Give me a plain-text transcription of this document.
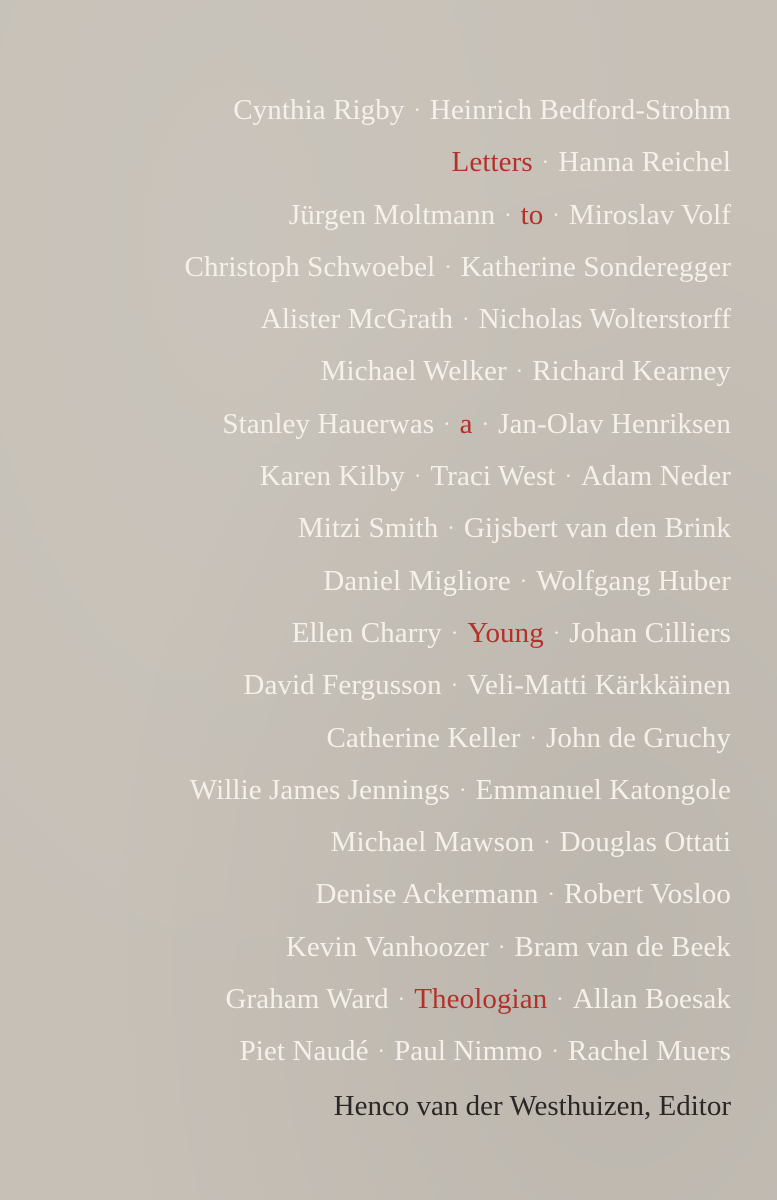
Cynthia Rigby · Heinrich Bedford-Strohm
Letters · Hanna Reichel
Jürgen Moltmann · to · Miroslav Volf
Christoph Schwoebel · Katherine Sonderegger
Alister McGrath · Nicholas Wolterstorff
Michael Welker · Richard Kearney
Stanley Hauerwas · a · Jan-Olav Henriksen
Karen Kilby · Traci West · Adam Neder
Mitzi Smith · Gijsbert van den Brink
Daniel Migliore · Wolfgang Huber
Ellen Charry · Young · Johan Cilliers
David Fergusson · Veli-Matti Kärkkäinen
Catherine Keller · John de Gruchy
Willie James Jennings · Emmanuel Katongole
Michael Mawson · Douglas Ottati
Denise Ackermann · Robert Vosloo
Kevin Vanhoozer · Bram van de Beek
Graham Ward · Theologian · Allan Boesak
Piet Naudé · Paul Nimmo · Rachel Muers
Henco van der Westhuizen, Editor
